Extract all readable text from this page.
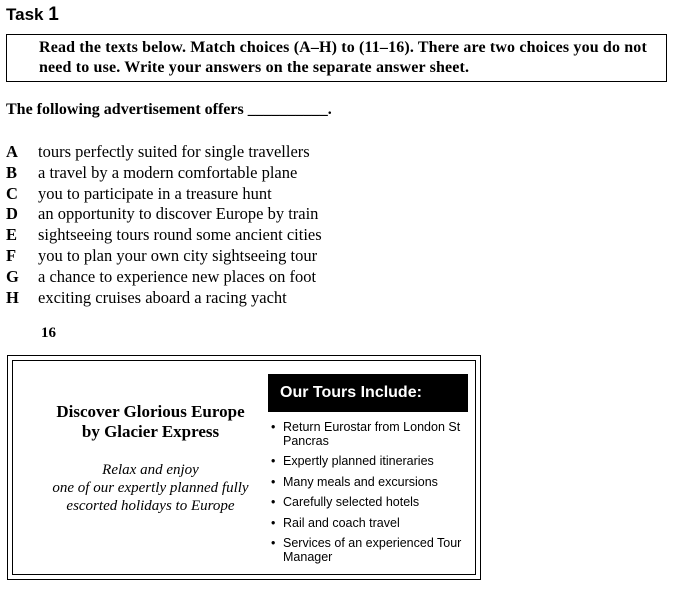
Task 1
Read the texts below. Match choices (A–H) to (11–16). There are two choices you do not need to use. Write your answers on the separate answer sheet.
The following advertisement offers __________.
A tours perfectly suited for single travellers
B a travel by a modern comfortable plane
C you to participate in a treasure hunt
D an opportunity to discover Europe by train
E sightseeing tours round some ancient cities
F you to plan your own city sightseeing tour
G a chance to experience new places on foot
H exciting cruises aboard a racing yacht
16
Discover Glorious Europe
by Glacier Express
Relax and enjoy
one of our expertly planned fully
escorted holidays to Europe
Our Tours Include:
• Return Eurostar from London St Pancras
• Expertly planned itineraries
• Many meals and excursions
• Carefully selected hotels
• Rail and coach travel
• Services of an experienced Tour Manager
